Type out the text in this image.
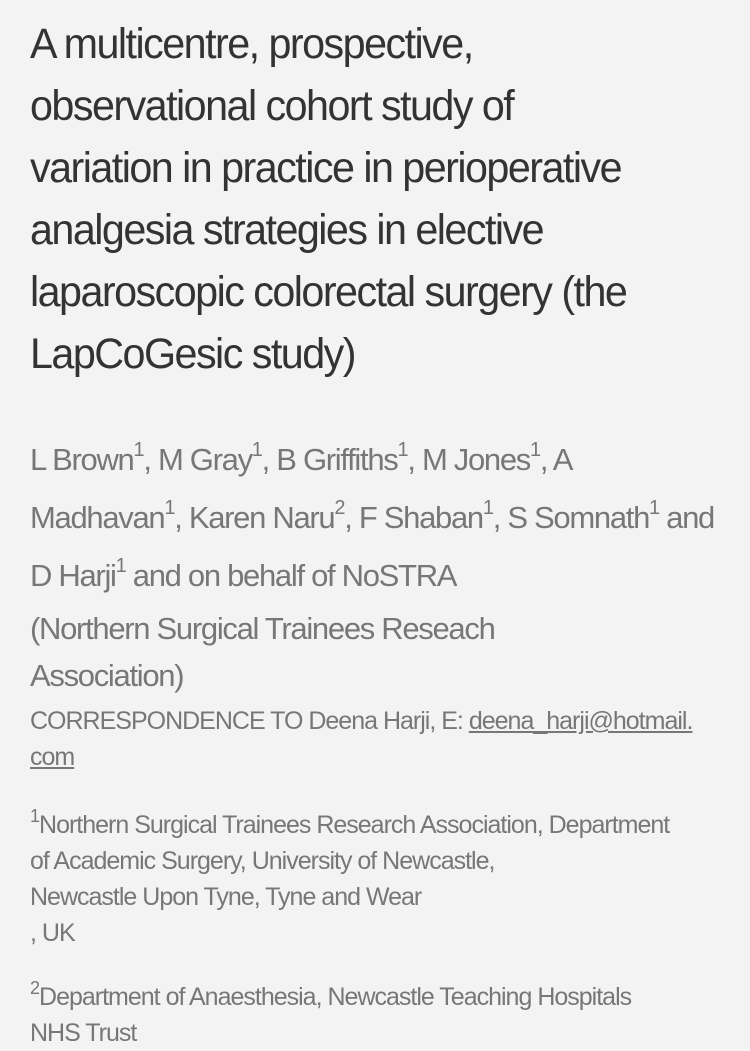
A multicentre, prospective,
observational cohort study of
variation in practice in perioperative
analgesia strategies in elective
laparoscopic colorectal surgery (the
LapCoGesic study)

L Brown$^1$, M Gray$^1$, B Griffiths$^1$, M Jones$^1$, A Madhavan$^1$, Karen Naru$^2$, F Shaban$^1$, S Somnath$^1$ and D Harji$^1$ and on behalf of NoSTRA
(Northern Surgical Trainees Reseach
Association)

CORRESPONDENCE TO Deena Harji, E: deena_harji@hotmail.
com

$^1$Northern Surgical Trainees Research Association, Department
of Academic Surgery, University of Newcastle,
Newcastle Upon Tyne, Tyne and Wear
, UK

$^2$Department of Anaesthesia, Newcastle Teaching Hospitals
NHS Trust
